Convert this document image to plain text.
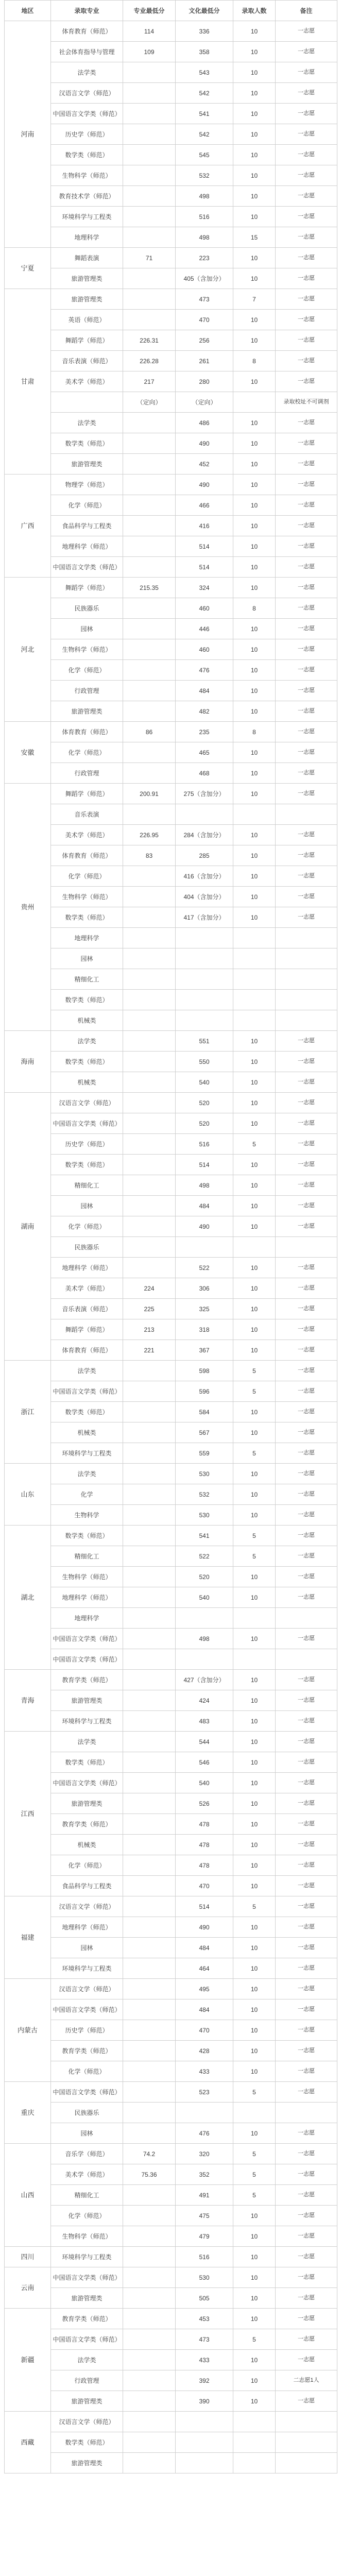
地区	录取专业	专业最低分	文化最低分	录取人数	备注
河南	体育教育（师范）	114	336	10	一志愿
	社会体育指导与管理	109	358	10	一志愿
	法学类		543	10	一志愿
	汉语言文学（师范）		542	10	一志愿
	中国语言文学类（师范）		541	10	一志愿
	历史学（师范）		542	10	一志愿
	数学类（师范）		545	10	一志愿
	生物科学（师范）		532	10	一志愿
	教育技术学（师范）		498	10	一志愿
	环境科学与工程类		516	10	一志愿
	地理科学		498	15	一志愿
宁夏	舞蹈表演	71	223	10	一志愿
	旅游管理类		405（含加分）	10	一志愿
甘肃	旅游管理类		473	7	一志愿
	英语（师范）		470	10	一志愿
	舞蹈学（师范）	226.31	256	10	一志愿
	音乐表演（师范）	226.28	261	8	一志愿
	美术学（师范）	217	280	10	一志愿
		（定向）	（定向）		录取校址不可调剂
	法学类		486	10	一志愿
	数学类（师范）		490	10	一志愿
	旅游管理类		452	10	一志愿
广西	物理学（师范）		490	10	一志愿
	化学（师范）		466	10	一志愿
	食品科学与工程类		416	10	一志愿
	地理科学（师范）		514	10	一志愿
	中国语言文学类（师范）		514	10	一志愿
河北	舞蹈学（师范）	215.35	324	10	一志愿
	民族器乐		460	8	一志愿
	园林		446	10	一志愿
	生物科学（师范）		460	10	一志愿
	化学（师范）		476	10	一志愿
	行政管理		484	10	一志愿
	旅游管理类		482	10	一志愿
安徽	体育教育（师范）	86	235	8	一志愿
	化学（师范）		465	10	一志愿
	行政管理		468	10	一志愿
贵州	舞蹈学（师范）	200.91	275（含加分）	10	一志愿
	音乐表演				
	美术学（师范）	226.95	284（含加分）	10	一志愿
	体育教育（师范）	83	285	10	一志愿
	化学（师范）		416（含加分）	10	一志愿
	生物科学（师范）		404（含加分）	10	一志愿
	数学类（师范）		417（含加分）	10	一志愿
	地理科学				
	园林				
	精细化工				
	数学类（师范）				
	机械类				
海南	法学类		551	10	一志愿
	数学类（师范）		550	10	一志愿
	机械类		540	10	一志愿
湖南	汉语言文学（师范）		520	10	一志愿
	中国语言文学类（师范）		520	10	一志愿
	历史学（师范）		516	5	一志愿
	数学类（师范）		514	10	一志愿
	精细化工		498	10	一志愿
	园林		484	10	一志愿
	化学（师范）		490	10	一志愿
	民族器乐				
	地理科学（师范）		522	10	一志愿
	美术学（师范）	224	306	10	一志愿
	音乐表演（师范）	225	325	10	一志愿
	舞蹈学（师范）	213	318	10	一志愿
	体育教育（师范）	221	367	10	一志愿
浙江	法学类		598	5	一志愿
	中国语言文学类（师范）		596	5	一志愿
	数学类（师范）		584	10	一志愿
	机械类		567	10	一志愿
	环境科学与工程类		559	5	一志愿
山东	法学类		530	10	一志愿
	化学		532	10	一志愿
	生物科学		530	10	一志愿
湖北	数学类（师范）		541	5	一志愿
	精细化工		522	5	一志愿
	生物科学（师范）		520	10	一志愿
	地理科学（师范）		540	10	一志愿
	地理科学				
	中国语言文学类（师范）		498	10	一志愿
	中国语言文学类（师范）				
青海	教育学类（师范）		427（含加分）	10	一志愿
	旅游管理类		424	10	一志愿
	环境科学与工程类		483	10	一志愿
江西	法学类		544	10	一志愿
	数学类（师范）		546	10	一志愿
	中国语言文学类（师范）		540	10	一志愿
	旅游管理类		526	10	一志愿
	教育学类（师范）		478	10	一志愿
	机械类		478	10	一志愿
	化学（师范）		478	10	一志愿
	食品科学与工程类		470	10	一志愿
福建	汉语言文学（师范）		514	5	一志愿
	地理科学（师范）		490	10	一志愿
	园林		484	10	一志愿
	环境科学与工程类		464	10	一志愿
内蒙古	汉语言文学（师范）		495	10	一志愿
	中国语言文学类（师范）		484	10	一志愿
	历史学（师范）		470	10	一志愿
	教育学类（师范）		428	10	一志愿
	化学（师范）		433	10	一志愿
重庆	中国语言文学类（师范）		523	5	一志愿
	民族器乐				
	园林		476	10	一志愿
山西	音乐学（师范）	74.2	320	5	一志愿
	美术学（师范）	75.36	352	5	一志愿
	精细化工		491	5	一志愿
	化学（师范）		475	10	一志愿
	生物科学（师范）		479	10	一志愿
四川	环境科学与工程类		516	10	一志愿
云南	中国语言文学类（师范）		530	10	一志愿
	旅游管理类		505	10	一志愿
新疆	教育学类（师范）		453	10	一志愿
	中国语言文学类（师范）		473	5	一志愿
	法学类		433	10	一志愿
	行政管理		392	10	二志愿1人
	旅游管理类		390	10	一志愿
西藏	汉语言文学（师范）				
	数学类（师范）				
	旅游管理类				
